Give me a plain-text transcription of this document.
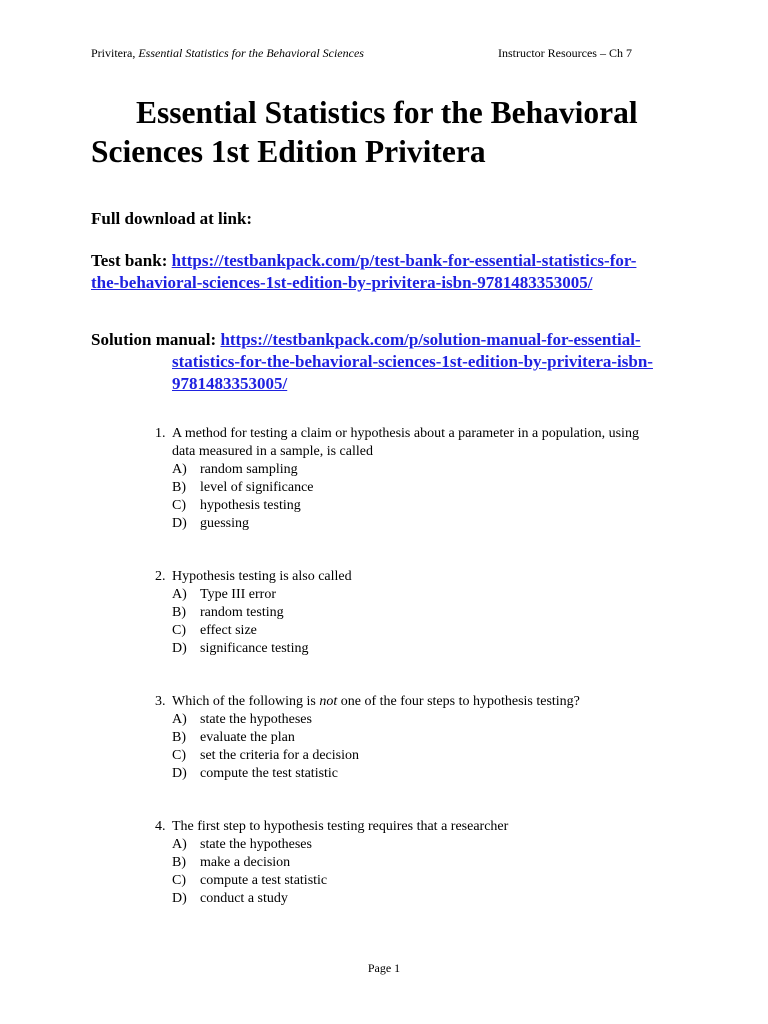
Privitera, Essential Statistics for the Behavioral Sciences	Instructor Resources – Ch 7
Essential Statistics for the Behavioral Sciences 1st Edition Privitera

Full download at link:

Test bank: https://testbankpack.com/p/test-bank-for-essential-statistics-for-
the-behavioral-sciences-1st-edition-by-privitera-isbn-9781483353005/

Solution manual: https://testbankpack.com/p/solution-manual-for-essential-
statistics-for-the-behavioral-sciences-1st-edition-by-privitera-isbn-
9781483353005/

1. A method for testing a claim or hypothesis about a parameter in a population, using
data measured in a sample, is called
A) random sampling
B)	level of significance
C)	hypothesis testing
D) guessing
2. Hypothesis testing is also called
A) Type III error
B)	random testing
C)	effect size
D) significance testing
3. Which of the following is not one of the four steps to hypothesis testing?
A) state the hypotheses
B)	evaluate the plan
C)	set the criteria for a decision
D) compute the test statistic
4. The first step to hypothesis testing requires that a researcher
A) state the hypotheses
B)	make a decision
C)	compute a test statistic
D) conduct a study
Page 1
